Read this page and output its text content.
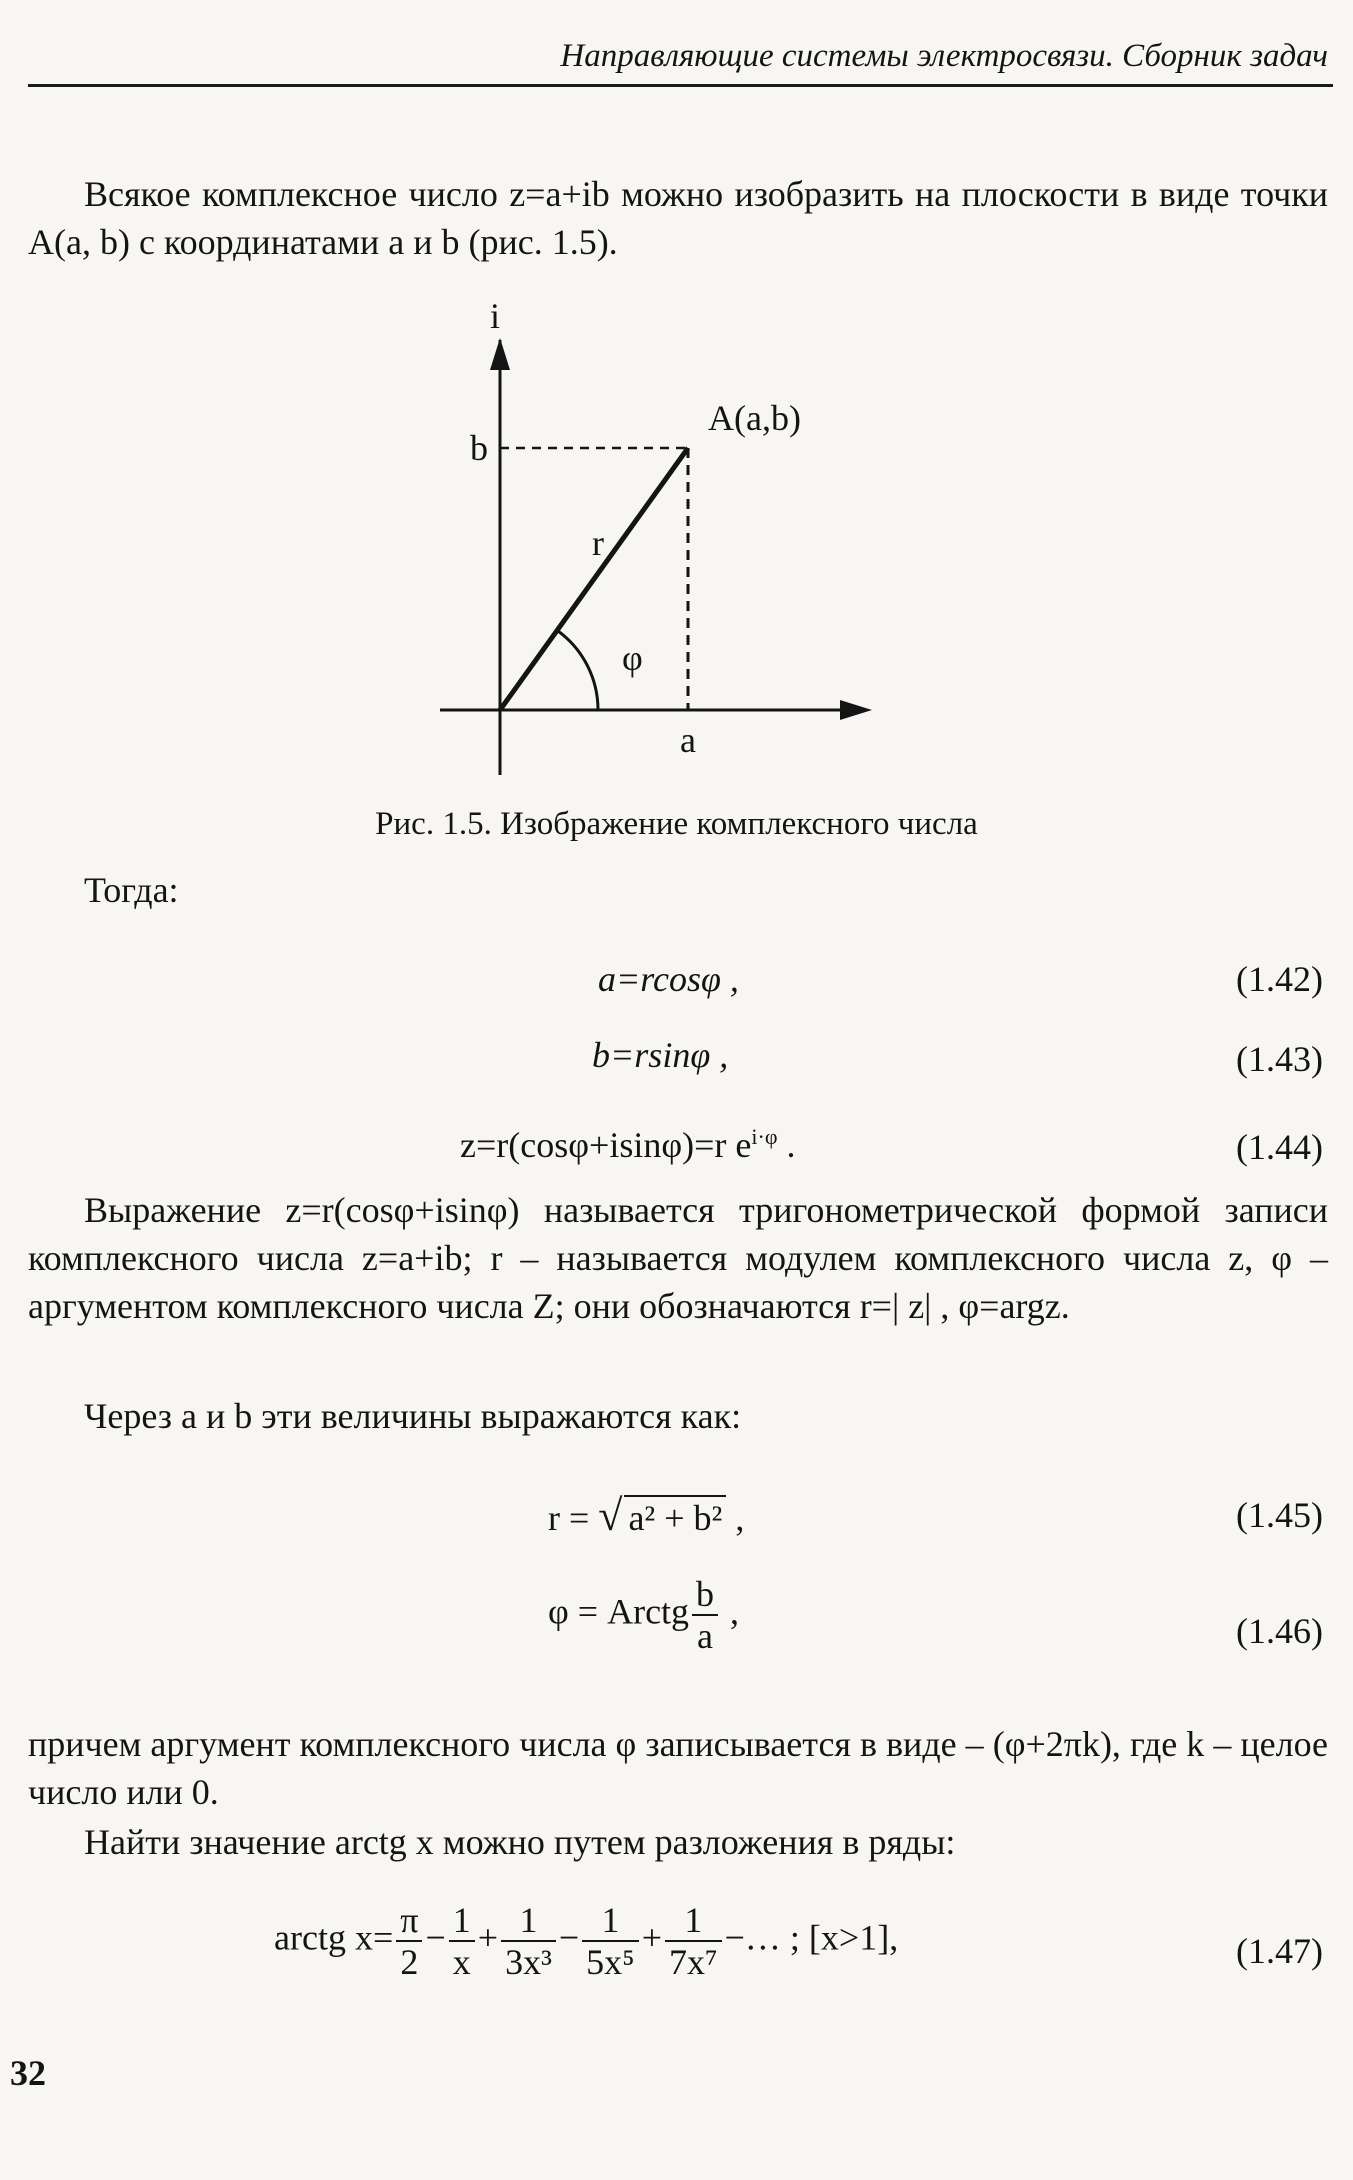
Направляющие системы электросвязи. Сборник задач
Всякое комплексное число z=a+ib можно изобразить на плоскости в виде точки A(a, b) с координатами a и b (рис. 1.5).
i
b
A(a,b)
r
φ
a
Рис. 1.5. Изображение комплексного числа
Тогда:
a=rcosφ ,	(1.42)
b=rsinφ ,	(1.43)
z=r(cosφ+isinφ)=r $e^{i\cdot\varphi}$ .	(1.44)
Выражение z=r(cosφ+isinφ) называется тригонометрической формой записи комплексного числа z=a+ib; r – называется модулем комплексного числа z, φ – аргументом комплексного числа Z; они обозначаются r=| z| , φ=argz.
Через a и b эти величины выражаются как:
r = √ a² + b² ,	(1.45)
φ = Arctg $\frac{b}{a}$ ,	(1.46)
причем аргумент комплексного числа φ записывается в виде – (φ+2πk), где k – целое число или 0.
Найти значение arctg x можно путем разложения в ряды:
arctg $x= \frac{\pi}{2} - \frac{1}{x} + \frac{1}{\text{3x³}} - \frac{1}{\text{5x⁵}} + \frac{1}{\text{7x⁷}}$ −… ; [x>1],	(1.47)
32
